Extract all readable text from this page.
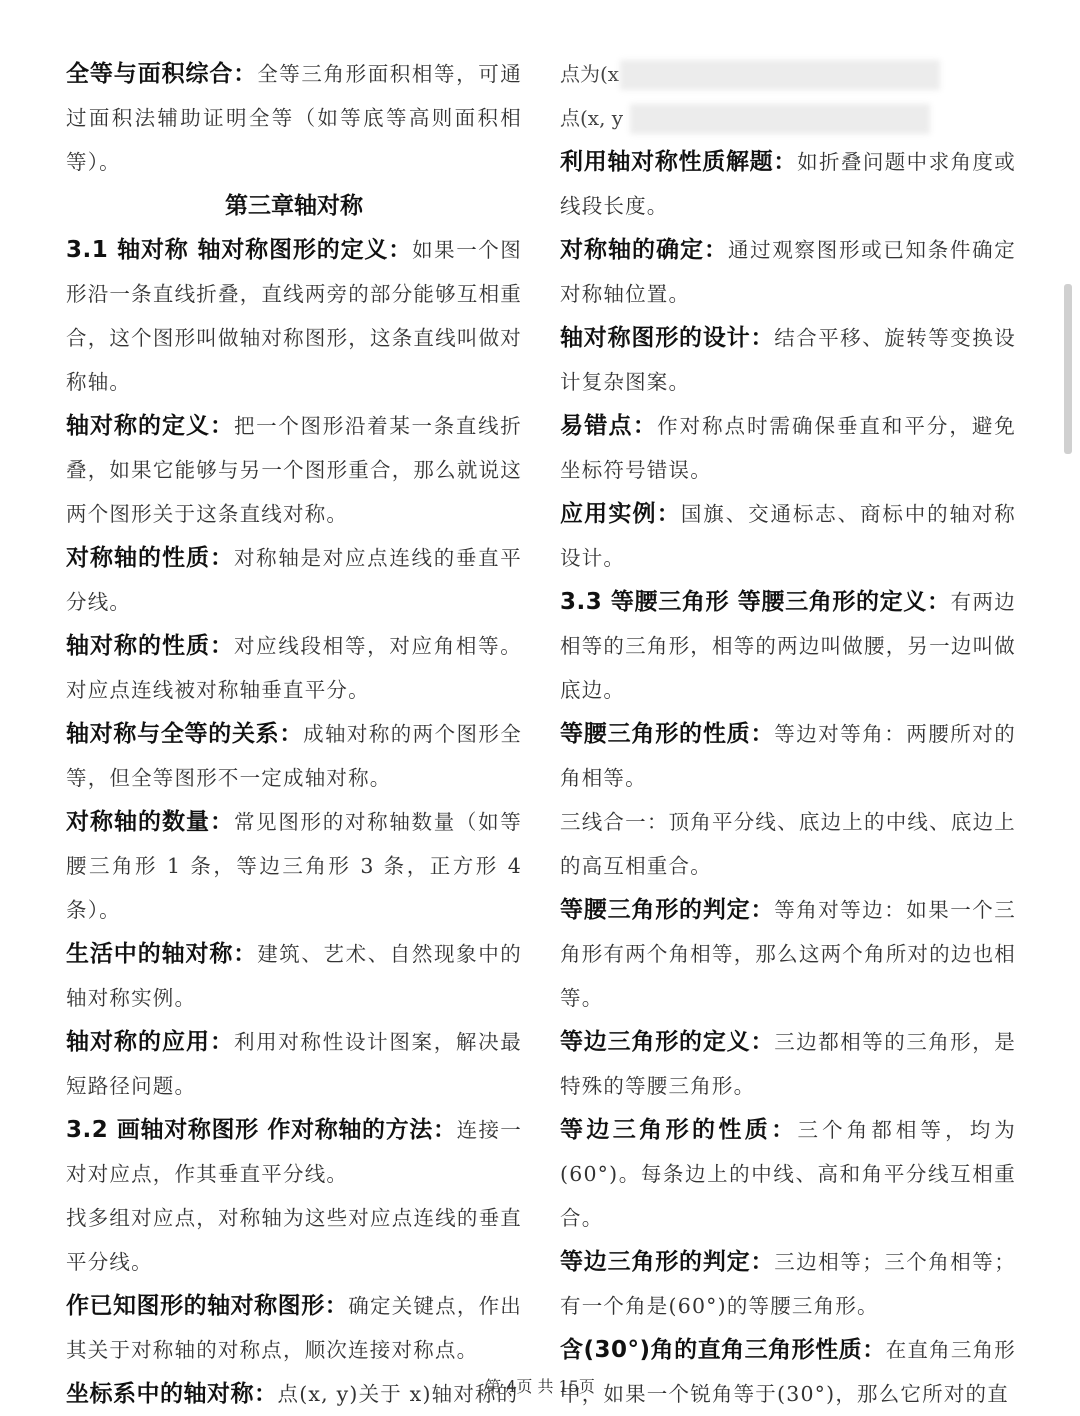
全等与面积综合：全等三角形面积相等，可通过面积法辅助证明全等（如等底等高则面积相等）。

第三章轴对称

3.1 轴对称 轴对称图形的定义：如果一个图形沿一条直线折叠，直线两旁的部分能够互相重合，这个图形叫做轴对称图形，这条直线叫做对称轴。

轴对称的定义：把一个图形沿着某一条直线折叠，如果它能够与另一个图形重合，那么就说这两个图形关于这条直线对称。

对称轴的性质：对称轴是对应点连线的垂直平分线。

轴对称的性质：对应线段相等，对应角相等。对应点连线被对称轴垂直平分。

轴对称与全等的关系：成轴对称的两个图形全等，但全等图形不一定成轴对称。

对称轴的数量：常见图形的对称轴数量（如等腰三角形 1 条，等边三角形 3 条，正方形 4 条）。

生活中的轴对称：建筑、艺术、自然现象中的轴对称实例。

轴对称的应用：利用对称性设计图案，解决最短路径问题。

3.2 画轴对称图形 作对称轴的方法：连接一对对应点，作其垂直平分线。

找多组对应点，对称轴为这些对应点连线的垂直平分线。

作已知图形的轴对称图形：确定关键点，作出其关于对称轴的对称点，顺次连接对称点。

坐标系中的轴对称：点(x, y)关于 x)轴对称的

点为(x

点(x, y

利用轴对称性质解题：如折叠问题中求角度或线段长度。

对称轴的确定：通过观察图形或已知条件确定对称轴位置。

轴对称图形的设计：结合平移、旋转等变换设计复杂图案。

易错点：作对称点时需确保垂直和平分，避免坐标符号错误。

应用实例：国旗、交通标志、商标中的轴对称设计。

3.3 等腰三角形 等腰三角形的定义：有两边相等的三角形，相等的两边叫做腰，另一边叫做底边。

等腰三角形的性质：等边对等角：两腰所对的角相等。

三线合一：顶角平分线、底边上的中线、底边上的高互相重合。

等腰三角形的判定：等角对等边：如果一个三角形有两个角相等，那么这两个角所对的边也相等。

等边三角形的定义：三边都相等的三角形，是特殊的等腰三角形。

等边三角形的性质：三个角都相等，均为(60°)。每条边上的中线、高和角平分线互相重合。

等边三角形的判定：三边相等；三个角相等；有一个角是(60°)的等腰三角形。

含(30°)角的直角三角形性质：在直角三角形中，如果一个锐角等于(30°)，那么它所对的直

第 4页 共 15页
